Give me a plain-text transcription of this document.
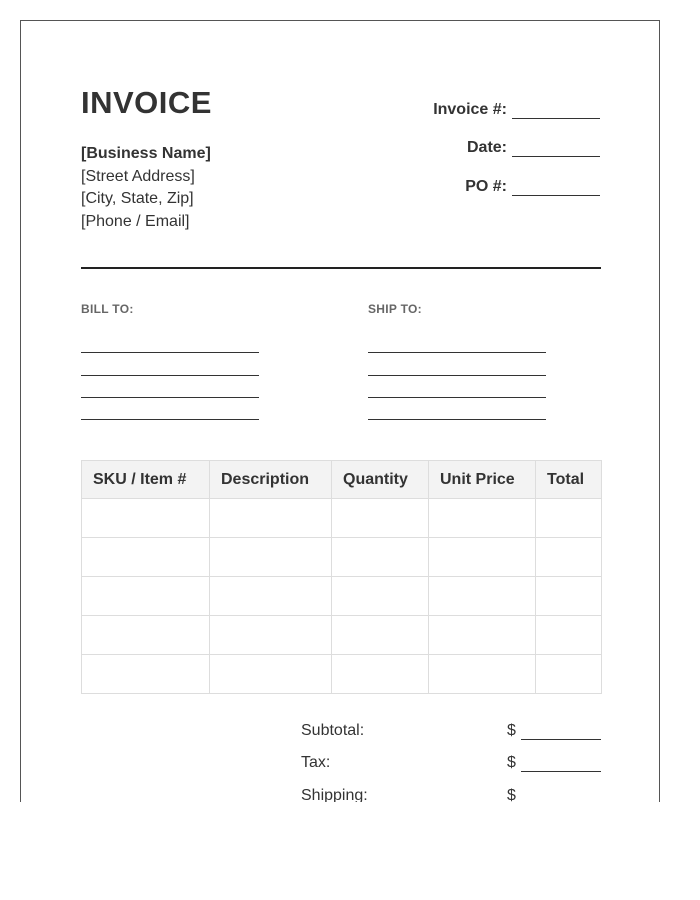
INVOICE
[Business Name]
[Street Address]
[City, State, Zip]
[Phone / Email]
Invoice #:
Date:
PO #:
BILL TO:	SHIP TO:
SKU / Item #	Description	Quantity	Unit Price	Total

Subtotal:	$
Tax:	$
Shipping:	$
